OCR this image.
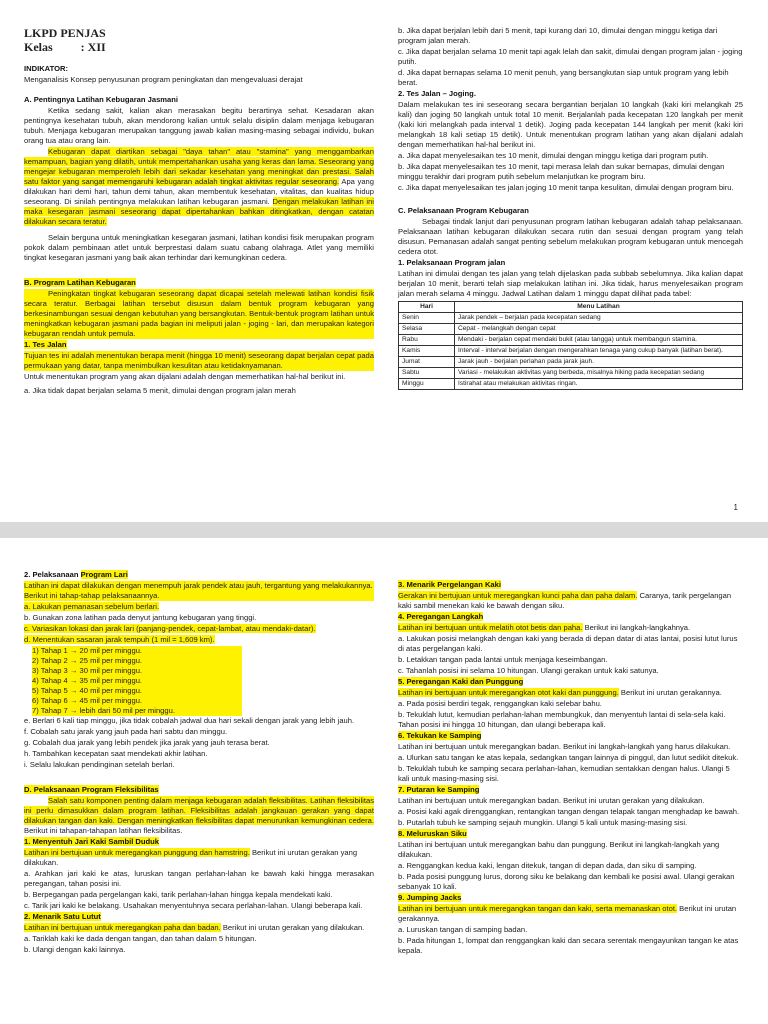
LKPD PENJAS
Kelas : XII

INDIKATOR:

Menganalisis Konsep penyusunan program peningkatan dan mengevaluasi derajat

A. Pentingnya Latihan Kebugaran Jasmani

Ketika sedang sakit, kalian akan merasakan begitu berartinya sehat. Kesadaran akan pentingnya kesehatan tubuh, akan mendorong kalian untuk selalu disiplin dalam menjaga kebugaran tubuh. Menjaga kebugaran merupakan tanggung jawab kalian masing-masing sebagai individu, bukan orang tua atau orang lain.

Kebugaran dapat diartikan sebagai "daya tahan" atau "stamina" yang menggambarkan kemampuan, bagian yang dilatih, untuk mempertahankan usaha yang keras dan lama. Seseorang yang mengejar kebugaran memperoleh lebih dari sekadar kesehatan yang meningkat dan prestasi. Salah satu faktor yang sangat memengaruhi kebugaran adalah tingkat aktivitas regular seseorang. Apa yang dilakukan hari demi hari, tahun demi tahun, akan membentuk kesehatan, vitalitas, dan kualitas hidup seseorang. Di sinilah pentingnya melakukan latihan kebugaran jasmani. Dengan melakukan latihan ini maka kesegaran jasmani seseorang dapat dipertahankan bahkan ditingkatkan, dengan catatan dilakukan secara teratur.

Selain berguna untuk meningkatkan kesegaran jasmani, latihan kondisi fisik merupakan program pokok dalam pembinaan atlet untuk berprestasi dalam suatu cabang olahraga. Atlet yang memiliki tingkat kesegaran jasmani yang baik akan terhindar dari kemungkinan cedera.

B. Program Latihan Kebugaran

Peningkatan tingkat kebugaran seseorang dapat dicapai setelah melewati latihan kondisi fisik secara teratur. Berbagai latihan tersebut disusun dalam bentuk program kebugaran yang berkesinambungan sesuai dengan kebutuhan yang bersangkutan. Bentuk-bentuk program latihan untuk meningkatkan kebugaran jasmani pada bagian ini meliputi jalan - joging - lari, dan merupakan kategori kebugaran rendah untuk pemula.

1. Tes Jalan

Tujuan tes ini adalah menentukan berapa menit (hingga 10 menit) seseorang dapat berjalan cepat pada permukaan yang datar, tanpa menimbulkan kesulitan atau ketidaknyamanan.

Untuk menentukan program yang akan dijalani adalah dengan memerhatikan hal-hal berikut ini.

a. Jika tidak dapat berjalan selama 5 menit, dimulai dengan program jalan merah

b. Jika dapat berjalan lebih dari 5 menit, tapi kurang dari 10, dimulai dengan minggu ketiga dari program jalan merah.

c. Jika dapat berjalan selama 10 menit tapi agak lelah dan sakit, dimulai dengan program jalan - joging putih.

d. Jika dapat bernapas selama 10 menit penuh, yang bersangkutan siap untuk program yang lebih berat.

2. Tes Jalan – Joging.

Dalam melakukan tes ini seseorang secara bergantian berjalan 10 langkah (kaki kiri melangkah 25 kali) dan joging 50 langkah untuk total 10 menit. Berjalanlah pada kecepatan 120 langkah per menit (kaki kiri melangkah pada interval 1 detik). Joging pada kecepatan 144 langkah per menit (kaki kiri melangkah 18 kali setiap 15 detik). Untuk menentukan program latihan yang akan dijalani adalah dengan memerhatikan hal-hal berikut ini.

a. Jika dapat menyelesaikan tes 10 menit, dimulai dengan minggu ketiga dari program putih.

b. Jika dapat menyelesaikan tes 10 menit, tapi merasa lelah dan sukar bernapas, dimulai dengan minggu terakhir dari program putih sebelum melanjutkan ke program biru.

c. Jika dapat menyelesaikan tes jalan joging 10 menit tanpa kesulitan, dimulai dengan program biru.

C. Pelaksanaan Program Kebugaran

Sebagai tindak lanjut dari penyusunan program latihan kebugaran adalah tahap pelaksanaan. Pelaksanaan latihan kebugaran dilakukan secara rutin dan sesuai dengan program yang telah disusun. Pemanasan adalah sangat penting sebelum melakukan program kebugaran untuk mencegah cedera otot.

1. Pelaksanaan Program jalan

Latihan ini dimulai dengan tes jalan yang telah dijelaskan pada subbab sebelumnya. Jika kalian dapat berjalan 10 menit, berarti telah siap melakukan latihan ini. Jika tidak, harus menyelesaikan program jalan merah selama 4 minggu. Jadwal Latihan dalam 1 minggu dapat dilihat pada tabel:

Hari	Menu Latihan
Senin	Jarak pendek – berjalan pada kecepatan sedang
Selasa	Cepat - melangkah dengan cepat
Rabu	Mendaki - berjalan cepat mendaki bukit (atau tangga) untuk membangun stamina.
Kamis	Interval - interval berjalan dengan mengerahkan tenaga yang cukup banyak (latihan berat).
Jumat	Jarak jauh - berjalan perlahan pada jarak jauh.
Sabtu	Variasi - melakukan aktivitas yang berbeda, misalnya hiking pada kecepatan sedang
Minggu	Istirahat atau melakukan aktivitas ringan.
1

2. Pelaksanaan Program Lari

Latihan ini dapat dilakukan dengan menempuh jarak pendek atau jauh, tergantung yang melakukannya. Berikut ini tahap-tahap pelaksanaannya.

a. Lakukan pemanasan sebelum berlari.

b. Gunakan zona latihan pada denyut jantung kebugaran yang tinggi.

c. Variasikan lokasi dan jarak lari (panjang-pendek, cepat-lambat, atau mendaki-datar).

d. Menentukan sasaran jarak tempuh (1 mil = 1,609 km).

1) Tahap 1 → 20 mil per minggu.
2) Tahap 2 → 25 mil per minggu.
3) Tahap 3 → 30 mil per minggu.
4) Tahap 4 → 35 mil per minggu.
5) Tahap 5 → 40 mil per minggu.
6) Tahap 6 → 45 mil per minggu.
7) Tahap 7 → lebih dari 50 mil per minggu.

e. Berlari 6 kali tiap minggu, jika tidak cobalah jadwal dua hari sekali dengan jarak yang lebih jauh.

f. Cobalah satu jarak yang jauh pada hari sabtu dan minggu.

g. Cobalah dua jarak yang lebih pendek jika jarak yang jauh terasa berat.

h. Tambahkan kecepatan saat mendekati akhir latihan.

i. Selalu lakukan pendinginan setelah berlari.

D. Pelaksanaan Program Fleksibilitas

Salah satu komponen penting dalam menjaga kebugaran adalah fleksibilitas. Latihan fleksibilitas ini perlu dimasukkan dalam program latihan. Fleksibilitas adalah jangkauan gerakan yang dapat dilakukan tangan dan kaki. Dengan meningkatkan fleksibilitas dapat menurunkan kemungkinan cedera. Berikut ini tahapan-tahapan latihan fleksibilitas.

1. Menyentuh Jari Kaki Sambil Duduk

Latihan ini bertujuan untuk meregangkan punggung dan hamstring. Berikut ini urutan gerakan yang dilakukan.

a. Arahkan jari kaki ke atas, luruskan tangan perlahan-lahan ke bawah kaki hingga merasakan peregangan, tahan posisi ini.

b. Berpegangan pada pergelangan kaki, tarik perlahan-lahan hingga kepala mendekati kaki.

c. Tarik jari kaki ke belakang. Usahakan menyentuhnya secara perlahan-lahan. Ulangi beberapa kali.

2. Menarik Satu Lutut

Latihan ini bertujuan untuk meregangkan paha dan badan. Berikut ini urutan gerakan yang dilakukan.

a. Tariklah kaki ke dada dengan tangan, dan tahan dalam 5 hitungan.

b. Ulangi dengan kaki lainnya.

3. Menarik Pergelangan Kaki

Gerakan ini bertujuan untuk meregangkan kunci paha dan paha dalam. Caranya, tarik pergelangan kaki sambil menekan kaki ke bawah dengan siku.

4. Peregangan Langkah

Latihan ini bertujuan untuk melatih otot betis dan paha. Berikut ini langkah-langkahnya.

a. Lakukan posisi melangkah dengan kaki yang berada di depan datar di atas lantai, posisi lutut lurus di atas pergelangan kaki.

b. Letakkan tangan pada lantai untuk menjaga keseimbangan.

c. Tahanlah posisi ini selama 10 hitungan. Ulangi gerakan untuk kaki satunya.

5. Peregangan Kaki dan Punggung

Latihan ini bertujuan untuk meregangkan otot kaki dan punggung. Berikut ini urutan gerakannya.

a. Pada posisi berdiri tegak, renggangkan kaki selebar bahu.

b. Tekuklah lutut, kemudian perlahan-lahan membungkuk, dan menyentuh lantai di sela-sela kaki. Tahan posisi ini hingga 10 hitungan, dan ulangi beberapa kali.

6. Tekukan ke Samping

Latihan ini bertujuan untuk meregangkan badan. Berikut ini langkah-langkah yang harus dilakukan.

a. Ulurkan satu tangan ke atas kepala, sedangkan tangan lainnya di pinggul, dan lutut sedikit ditekuk.

b. Tekuklah tubuh ke samping secara perlahan-lahan, kemudian sentakkan dengan halus. Ulangi 5 kali untuk masing-masing sisi.

7. Putaran ke Samping

Latihan ini bertujuan untuk meregangkan badan. Berikut ini urutan gerakan yang dilakukan.

a. Posisi kaki agak direnggangkan, rentangkan tangan dengan telapak tangan menghadap ke bawah.

b. Putarlah tubuh ke samping sejauh mungkin. Ulangi 5 kali untuk masing-masing sisi.

8. Meluruskan Siku

Latihan ini bertujuan untuk meregangkan bahu dan punggung. Berikut ini langkah-langkah yang dilakukan.

a. Renggangkan kedua kaki, lengan ditekuk, tangan di depan dada, dan siku di samping.

b. Pada posisi punggung lurus, dorong siku ke belakang dan kembali ke posisi awal. Ulangi gerakan sebanyak 10 kali.

9. Jumping Jacks

Latihan ini bertujuan untuk meregangkan tangan dan kaki, serta memanaskan otot. Berikut ini urutan gerakannya.

a. Luruskan tangan di samping badan.

b. Pada hitungan 1, lompat dan renggangkan kaki dan secara serentak mengayunkan tangan ke atas kepala.
